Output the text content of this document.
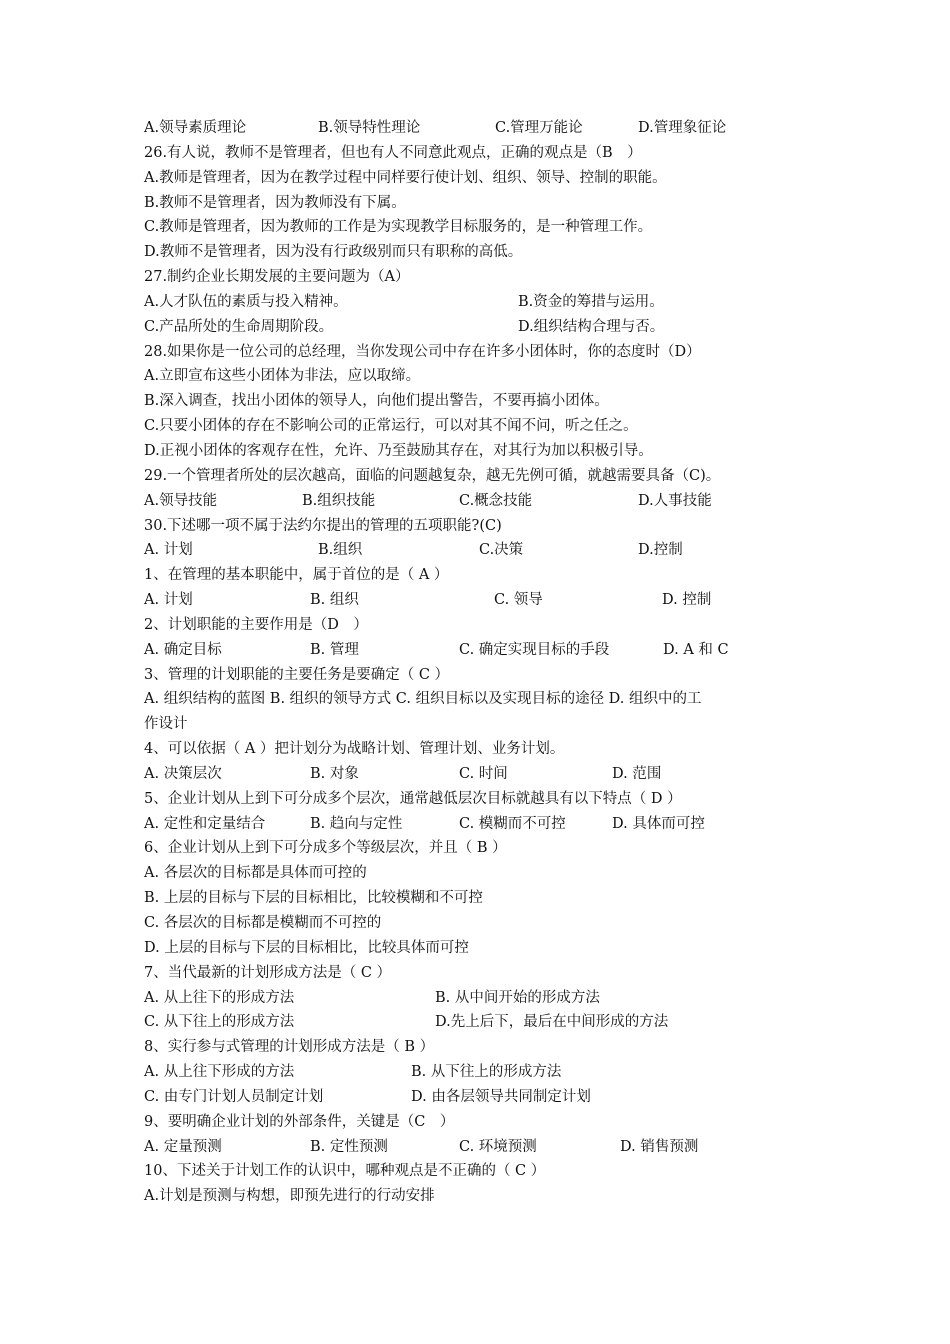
A.领导素质理论	B.领导特性理论	C.管理万能论	D.管理象征论
26.有人说，教师不是管理者，但也有人不同意此观点，正确的观点是（B　）
A.教师是管理者，因为在教学过程中同样要行使计划、组织、领导、控制的职能。
B.教师不是管理者，因为教师没有下属。
C.教师是管理者，因为教师的工作是为实现教学目标服务的，是一种管理工作。
D.教师不是管理者，因为没有行政级别而只有职称的高低。
27.制约企业长期发展的主要问题为（A）
A.人才队伍的素质与投入精神。	B.资金的筹措与运用。
C.产品所处的生命周期阶段。	D.组织结构合理与否。
28.如果你是一位公司的总经理，当你发现公司中存在许多小团体时，你的态度时（D）
A.立即宣布这些小团体为非法，应以取缔。
B.深入调查，找出小团体的领导人，向他们提出警告，不要再搞小团体。
C.只要小团体的存在不影响公司的正常运行，可以对其不闻不问，听之任之。
D.正视小团体的客观存在性，允许、乃至鼓励其存在，对其行为加以积极引导。
29.一个管理者所处的层次越高，面临的问题越复杂，越无先例可循，就越需要具备（C)。
A.领导技能	B.组织技能	C.概念技能	D.人事技能
30.下述哪一项不属于法约尔提出的管理的五项职能?(C)
A. 计划	B.组织	C.决策	D.控制
1、在管理的基本职能中，属于首位的是（ A ）
A. 计划	B. 组织	C. 领导	D. 控制
2、计划职能的主要作用是（D　）
A. 确定目标	B. 管理	C. 确定实现目标的手段	D. A 和 C
3、管理的计划职能的主要任务是要确定（ C ）
A. 组织结构的蓝图 B. 组织的领导方式 C. 组织目标以及实现目标的途径 D. 组织中的工
作设计
4、可以依据（ A ）把计划分为战略计划、管理计划、业务计划。
A. 决策层次	B. 对象	C. 时间	D. 范围
5、企业计划从上到下可分成多个层次，通常越低层次目标就越具有以下特点（ D ）
A. 定性和定量结合	B. 趋向与定性	C. 模糊而不可控	D. 具体而可控
6、企业计划从上到下可分成多个等级层次，并且（ B ）
A. 各层次的目标都是具体而可控的
B. 上层的目标与下层的目标相比，比较模糊和不可控
C. 各层次的目标都是模糊而不可控的
D. 上层的目标与下层的目标相比，比较具体而可控
7、当代最新的计划形成方法是（ C ）
A. 从上往下的形成方法	B. 从中间开始的形成方法
C. 从下往上的形成方法	D.先上后下，最后在中间形成的方法
8、实行参与式管理的计划形成方法是（ B ）
A. 从上往下形成的方法	B. 从下往上的形成方法
C. 由专门计划人员制定计划	D. 由各层领导共同制定计划
9、要明确企业计划的外部条件，关键是（C　）
A. 定量预测	B. 定性预测	C. 环境预测	D. 销售预测
10、下述关于计划工作的认识中，哪种观点是不正确的（ C ）
A.计划是预测与构想，即预先进行的行动安排
